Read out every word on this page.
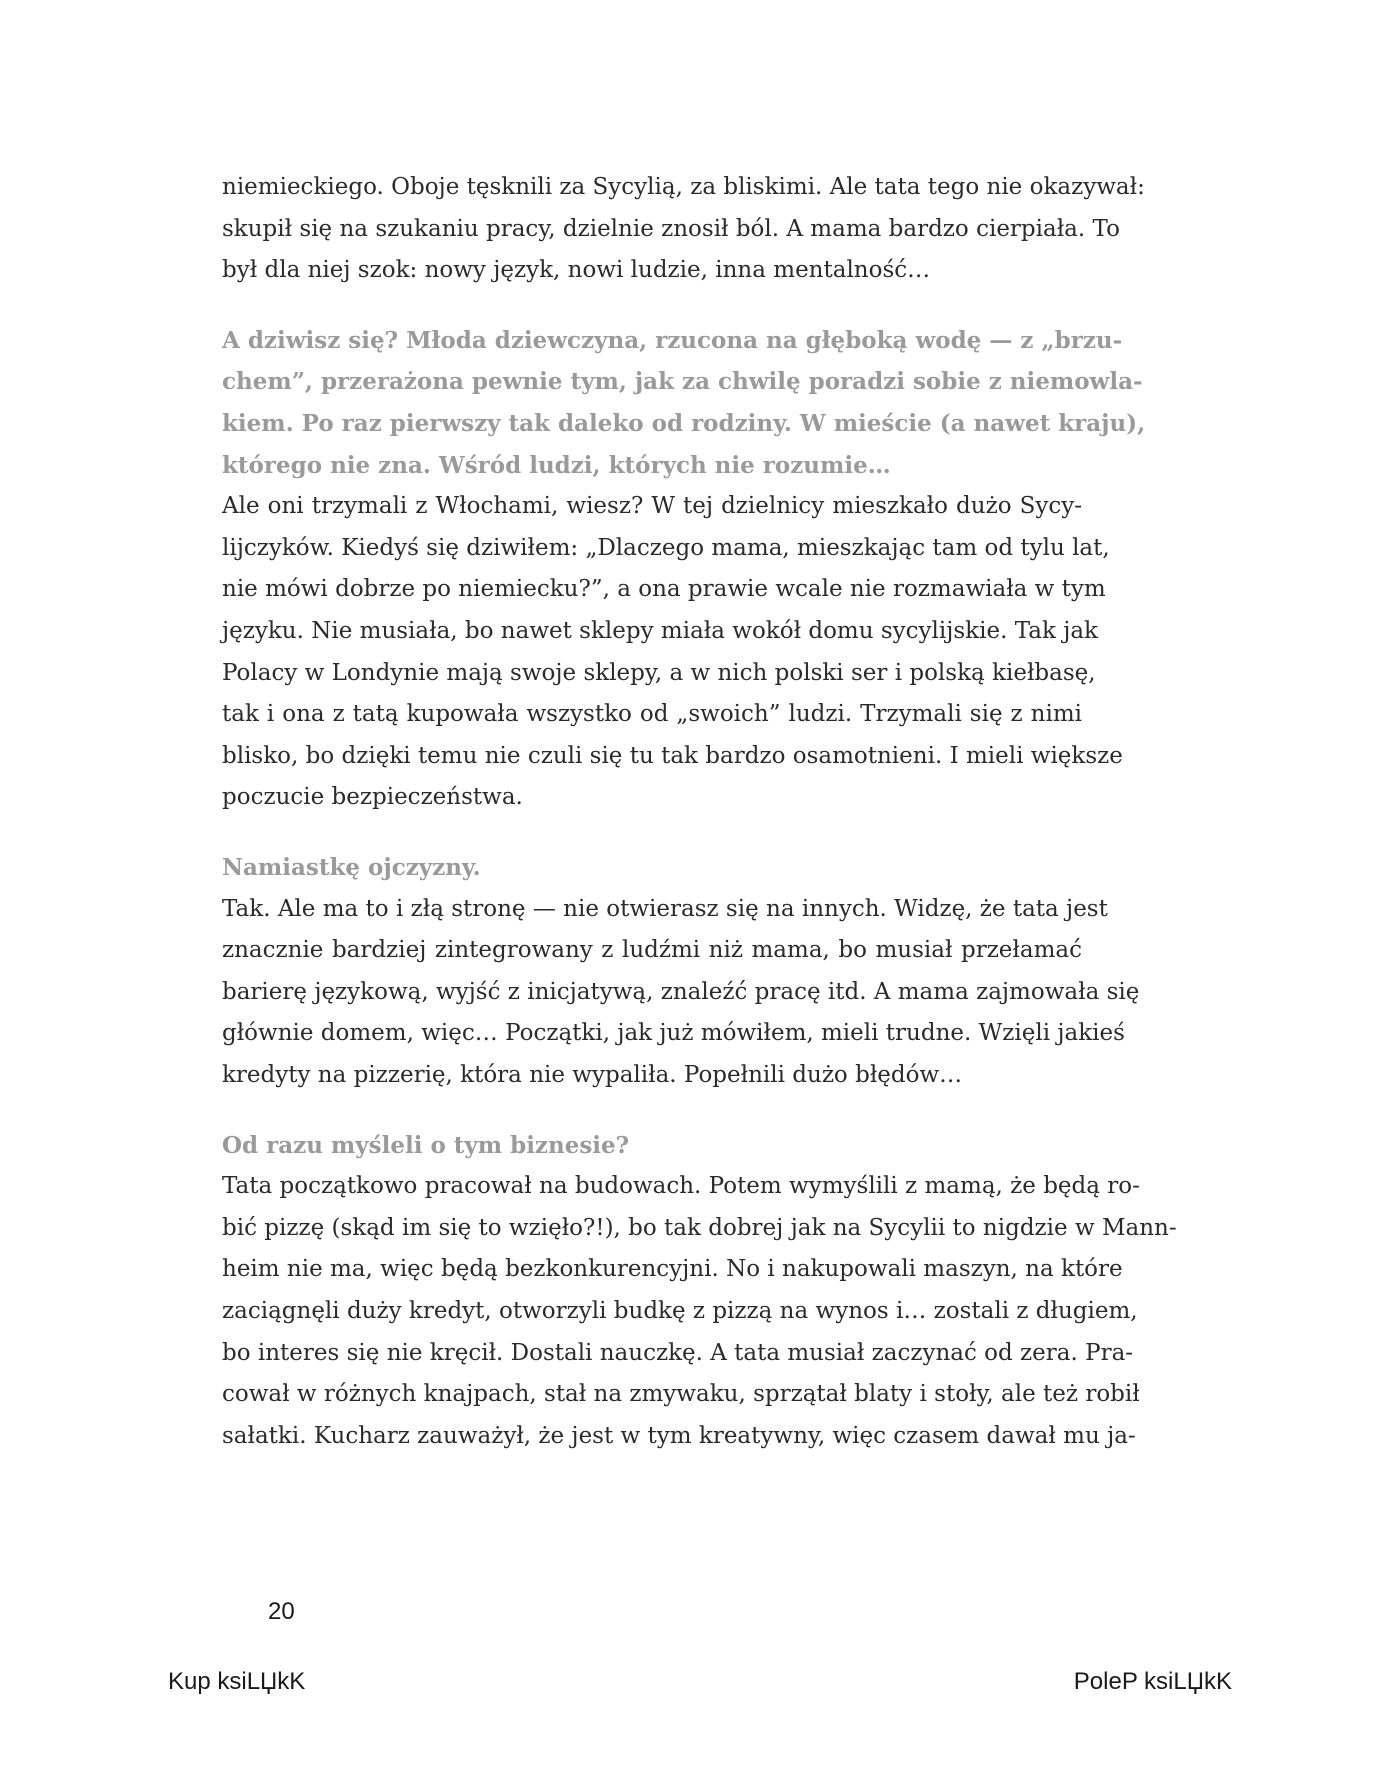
niemieckiego. Oboje tęsknili za Sycylią, za bliskimi. Ale tata tego nie okazywał:
skupił się na szukaniu pracy, dzielnie znosił ból. A mama bardzo cierpiała. To
był dla niej szok: nowy język, nowi ludzie, inna mentalność…
A dziwisz się? Młoda dziewczyna, rzucona na głęboką wodę — z „brzu-
chem”, przerażona pewnie tym, jak za chwilę poradzi sobie z niemowla-
kiem. Po raz pierwszy tak daleko od rodziny. W mieście (a nawet kraju),
którego nie zna. Wśród ludzi, których nie rozumie…
Ale oni trzymali z Włochami, wiesz? W tej dzielnicy mieszkało dużo Sycy-
lijczyków. Kiedyś się dziwiłem: „Dlaczego mama, mieszkając tam od tylu lat,
nie mówi dobrze po niemiecku?”, a ona prawie wcale nie rozmawiała w tym
języku. Nie musiała, bo nawet sklepy miała wokół domu sycylijskie. Tak jak
Polacy w Londynie mają swoje sklepy, a w nich polski ser i polską kiełbasę,
tak i ona z tatą kupowała wszystko od „swoich” ludzi. Trzymali się z nimi
blisko, bo dzięki temu nie czuli się tu tak bardzo osamotnieni. I mieli większe
poczucie bezpieczeństwa.
Namiastkę ojczyzny.
Tak. Ale ma to i złą stronę — nie otwierasz się na innych. Widzę, że tata jest
znacznie bardziej zintegrowany z ludźmi niż mama, bo musiał przełamać
barierę językową, wyjść z inicjatywą, znaleźć pracę itd. A mama zajmowała się
głównie domem, więc… Początki, jak już mówiłem, mieli trudne. Wzięli jakieś
kredyty na pizzerię, która nie wypaliła. Popełnili dużo błędów…
Od razu myśleli o tym biznesie?
Tata początkowo pracował na budowach. Potem wymyślili z mamą, że będą ro-
bić pizzę (skąd im się to wzięło?!), bo tak dobrej jak na Sycylii to nigdzie w Mann-
heim nie ma, więc będą bezkonkurencyjni. No i nakupowali maszyn, na które
zaciągnęli duży kredyt, otworzyli budkę z pizzą na wynos i… zostali z długiem,
bo interes się nie kręcił. Dostali nauczkę. A tata musiał zaczynać od zera. Pra-
cował w różnych knajpach, stał na zmywaku, sprzątał blaty i stoły, ale też robił
sałatki. Kucharz zauważył, że jest w tym kreatywny, więc czasem dawał mu ja-
20
Kup ksiLЏkK	PoleP ksiLЏkK
